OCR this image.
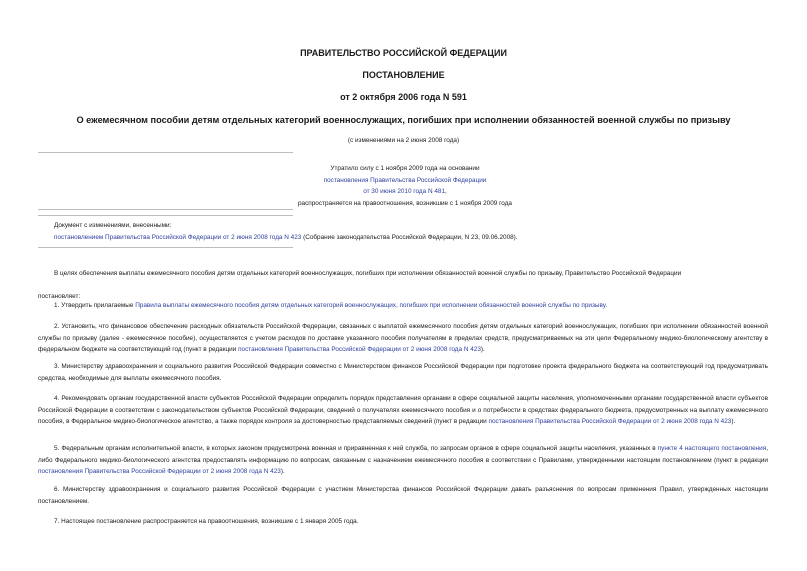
ПРАВИТЕЛЬСТВО РОССИЙСКОЙ ФЕДЕРАЦИИ
ПОСТАНОВЛЕНИЕ
от 2 октября 2006 года N 591
О ежемесячном пособии детям отдельных категорий военнослужащих, погибших при исполнении обязанностей военной службы по призыву
(с изменениями на 2 июня 2008 года)
Утратило силу с 1 ноября 2009 года на основании
постановления Правительства Российской Федерации
от 30 июня 2010 года N 481,
распространяется на правоотношения, возникшие с 1 ноября 2009 года

Документ с изменениями, внесенными:

постановлением Правительства Российской Федерации от 2 июня 2008 года N 423 (Собрание законодательства Российской Федерации, N 23, 09.06.2008).

В целях обеспечения выплаты ежемесячного пособия детям отдельных категорий военнослужащих, погибших при исполнении обязанностей военной службы по призыву, Правительство Российской Федерации

постановляет:

1. Утвердить прилагаемые Правила выплаты ежемесячного пособия детям отдельных категорий военнослужащих, погибших при исполнении обязанностей военной службы по призыву.

2. Установить, что финансовое обеспечение расходных обязательств Российской Федерации, связанных с выплатой ежемесячного пособия детям отдельных категорий военнослужащих, погибших при исполнении обязанностей военной службы по призыву (далее - ежемесячное пособие), осуществляется с учетом расходов по доставке указанного пособия получателям в пределах средств, предусматриваемых на эти цели Федеральному медико-биологическому агентству в федеральном бюджете на соответствующий год (пункт в редакции постановления Правительства Российской Федерации от 2 июня 2008 года N 423).

3. Министерству здравоохранения и социального развития Российской Федерации совместно с Министерством финансов Российской Федерации при подготовке проекта федерального бюджета на соответствующий год предусматривать средства, необходимые для выплаты ежемесячного пособия.

4. Рекомендовать органам государственной власти субъектов Российской Федерации определить порядок представления органами в сфере социальной защиты населения, уполномоченными органами государственной власти субъектов Российской Федерации в соответствии с законодательством субъектов Российской Федерации, сведений о получателях ежемесячного пособия и о потребности в средствах федерального бюджета, предусмотренных на выплату ежемесячного пособия, в Федеральное медико-биологическое агентство, а также порядок контроля за достоверностью представляемых сведений (пункт в редакции постановления Правительства Российской Федерации от 2 июня 2008 года N 423).

5. Федеральным органам исполнительной власти, в которых законом предусмотрена военная и приравненная к ней служба, по запросам органов в сфере социальной защиты населения, указанных в пункте 4 настоящего постановления, либо Федерального медико-биологического агентства предоставлять информацию по вопросам, связанным с назначением ежемесячного пособия в соответствии с Правилами, утвержденными настоящим постановлением (пункт в редакции постановления Правительства Российской Федерации от 2 июня 2008 года N 423).

6. Министерству здравоохранения и социального развития Российской Федерации с участием Министерства финансов Российской Федерации давать разъяснения по вопросам применения Правил, утвержденных настоящим постановлением.

7. Настоящее постановление распространяется на правоотношения, возникшие с 1 января 2005 года.
